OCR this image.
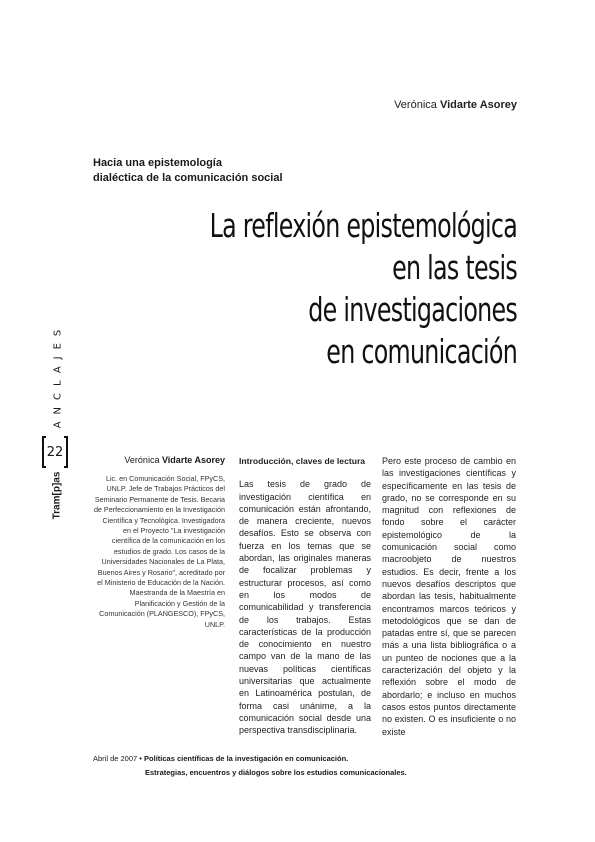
Verónica Vidarte Asorey
Hacia una epistemología
dialéctica de la comunicación social
La reflexión epistemológica
en las tesis
de investigaciones
en comunicación
ANCLAJES
22
Tram[p]as
Verónica Vidarte Asorey
Lic. en Comunicación Social, FPyCS, UNLP. Jefe de Trabajos Prácticos del Seminario Permanente de Tesis. Becaria de Perfeccionamiento en la Investigación Científica y Tecnológica. Investigadora en el Proyecto "La investigación científica de la comunicación en los estudios de grado. Los casos de la Universidades Nacionales de La Plata, Buenos Aires y Rosario", acreditado por el Ministerio de Educación de la Nación. Maestranda de la Maestría en Planificación y Gestión de la Comunicación (PLANGESCO), FPyCS, UNLP.
Introducción, claves de lectura

Las tesis de grado de investigación científica en comunicación están afrontando, de manera creciente, nuevos desafíos. Esto se observa con fuerza en los temas que se abordan, las originales maneras de focalizar problemas y estructurar procesos, así como en los modos de comunicabilidad y transferencia de los trabajos. Estas características de la producción de conocimiento en nuestro campo van de la mano de las nuevas políticas científicas universitarias que actualmente en Latinoamérica postulan, de forma casi unánime, a la comunicación social desde una perspectiva transdisciplinaria.

Pero este proceso de cambio en las investigaciones científicas y específicamente en las tesis de grado, no se corresponde en su magnitud con reflexiones de fondo sobre el carácter epistemológico de la comunicación social como macroobjeto de nuestros estudios. Es decir, frente a los nuevos desafíos descriptos que abordan las tesis, habitualmente encontramos marcos teóricos y metodológicos que se dan de patadas entre sí, que se parecen más a una lista bibliográfica o a un punteo de nociones que a la caracterización del objeto y la reflexión sobre el modo de abordarlo; e incluso en muchos casos estos puntos directamente no existen. O es insuficiente o no existe

Abril de 2007 • Políticas científicas de la investigación en comunicación.
Estrategias, encuentros y diálogos sobre los estudios comunicacionales.
